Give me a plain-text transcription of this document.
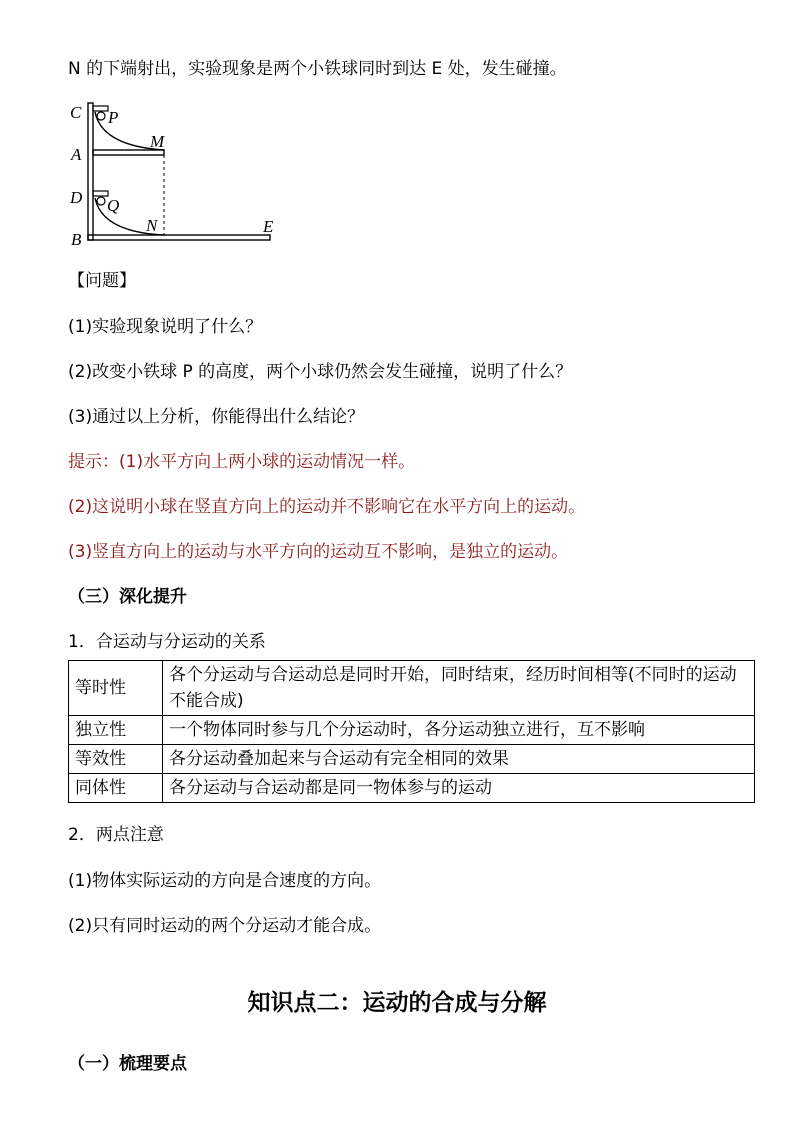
N 的下端射出，实验现象是两个小铁球同时到达 E 处，发生碰撞。
C P
M
A
D Q
N
B
E
【问题】
(1)实验现象说明了什么？
(2)改变小铁球 P 的高度，两个小球仍然会发生碰撞，说明了什么？
(3)通过以上分析，你能得出什么结论？
提示：(1)水平方向上两小球的运动情况一样。
(2)这说明小球在竖直方向上的运动并不影响它在水平方向上的运动。
(3)竖直方向上的运动与水平方向的运动互不影响，是独立的运动。
（三）深化提升
1．合运动与分运动的关系
等时性	各个分运动与合运动总是同时开始，同时结束，经历时间相等(不同时的运动不能合成)
独立性	一个物体同时参与几个分运动时，各分运动独立进行，互不影响
等效性	各分运动叠加起来与合运动有完全相同的效果
同体性	各分运动与合运动都是同一物体参与的运动
2．两点注意
(1)物体实际运动的方向是合速度的方向。
(2)只有同时运动的两个分运动才能合成。
知识点二：运动的合成与分解
（一）梳理要点
